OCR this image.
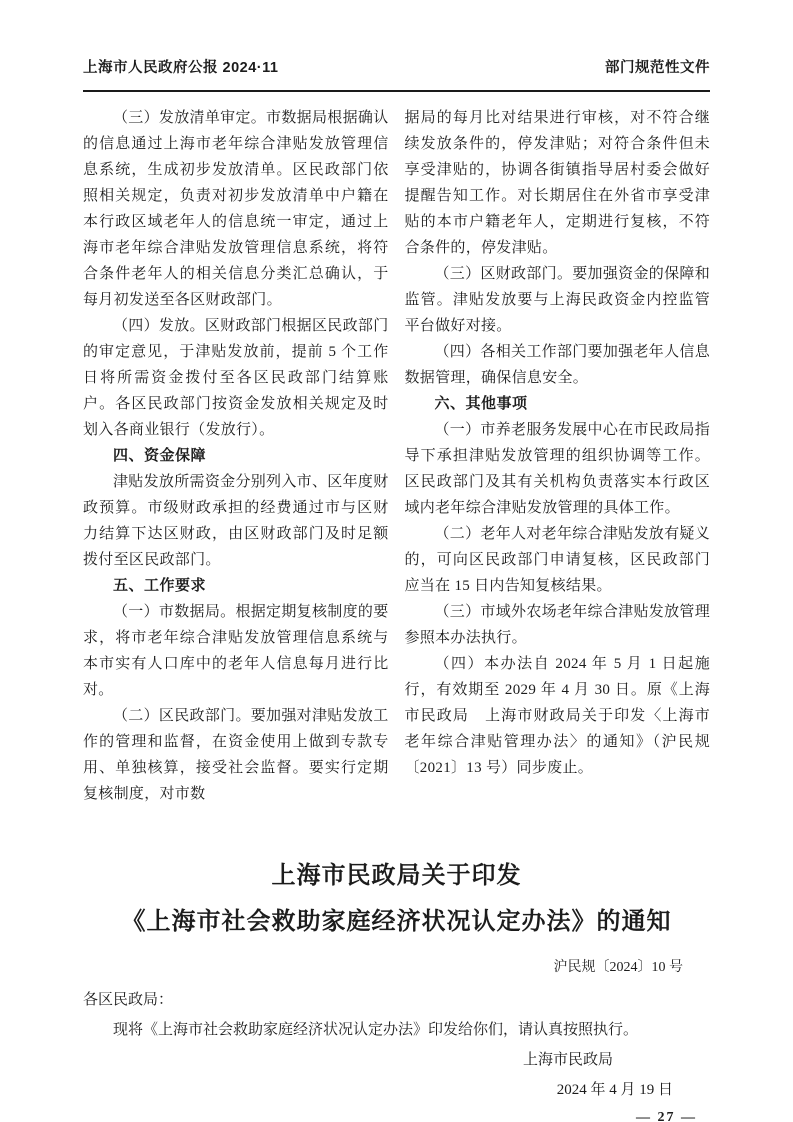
上海市人民政府公报 2024·11	部门规范性文件

（三）发放清单审定。市数据局根据确认的信息通过上海市老年综合津贴发放管理信息系统，生成初步发放清单。区民政部门依照相关规定，负责对初步发放清单中户籍在本行政区域老年人的信息统一审定，通过上海市老年综合津贴发放管理信息系统，将符合条件老年人的相关信息分类汇总确认，于每月初发送至各区财政部门。

（四）发放。区财政部门根据区民政部门的审定意见，于津贴发放前，提前 5 个工作日将所需资金拨付至各区民政部门结算账户。各区民政部门按资金发放相关规定及时划入各商业银行（发放行）。

四、资金保障

津贴发放所需资金分别列入市、区年度财政预算。市级财政承担的经费通过市与区财力结算下达区财政，由区财政部门及时足额拨付至区民政部门。

五、工作要求

（一）市数据局。根据定期复核制度的要求，将市老年综合津贴发放管理信息系统与本市实有人口库中的老年人信息每月进行比对。

（二）区民政部门。要加强对津贴发放工作的管理和监督，在资金使用上做到专款专用、单独核算，接受社会监督。要实行定期复核制度，对市数

据局的每月比对结果进行审核，对不符合继续发放条件的，停发津贴；对符合条件但未享受津贴的，协调各街镇指导居村委会做好提醒告知工作。对长期居住在外省市享受津贴的本市户籍老年人，定期进行复核，不符合条件的，停发津贴。

（三）区财政部门。要加强资金的保障和监管。津贴发放要与上海民政资金内控监管平台做好对接。

（四）各相关工作部门要加强老年人信息数据管理，确保信息安全。

六、其他事项

（一）市养老服务发展中心在市民政局指导下承担津贴发放管理的组织协调等工作。区民政部门及其有关机构负责落实本行政区域内老年综合津贴发放管理的具体工作。

（二）老年人对老年综合津贴发放有疑义的，可向区民政部门申请复核，区民政部门应当在 15 日内告知复核结果。

（三）市域外农场老年综合津贴发放管理参照本办法执行。

（四）本办法自 2024 年 5 月 1 日起施行，有效期至 2029 年 4 月 30 日。原《上海市民政局　上海市财政局关于印发〈上海市老年综合津贴管理办法〉的通知》（沪民规〔2021〕13 号）同步废止。

上海市民政局关于印发
《上海市社会救助家庭经济状况认定办法》的通知
沪民规〔2024〕10 号
各区民政局：
现将《上海市社会救助家庭经济状况认定办法》印发给你们，请认真按照执行。
上海市民政局
2024 年 4 月 19 日
— 27 —
